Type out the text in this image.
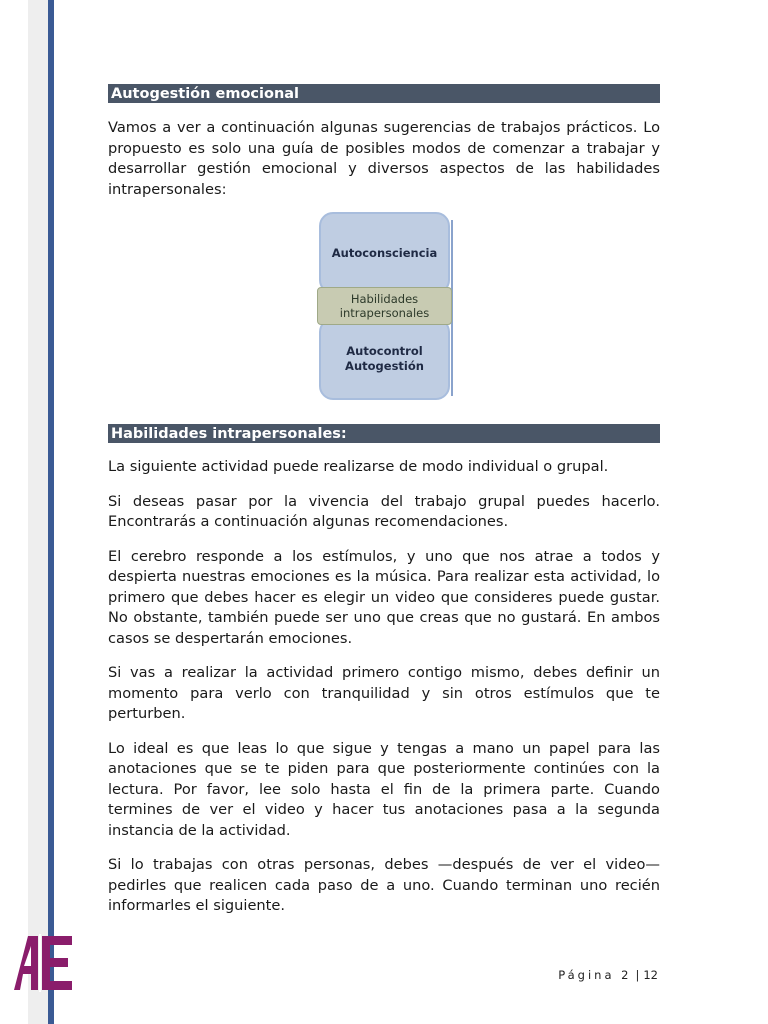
Autogestión emocional

Vamos a ver a continuación algunas sugerencias de trabajos prácticos. Lo propuesto es solo una guía de posibles modos de comenzar a trabajar y desarrollar gestión emocional y diversos aspectos de las habilidades intrapersonales:

Autoconsciencia
Autocontrol
Autogestión
Habilidades
intrapersonales
Habilidades intrapersonales:

La siguiente actividad puede realizarse de modo individual o grupal.

Si deseas pasar por la vivencia del trabajo grupal puedes hacerlo. Encontrarás a continuación algunas recomendaciones.

El cerebro responde a los estímulos, y uno que nos atrae a todos y despierta nuestras emociones es la música. Para realizar esta actividad, lo primero que debes hacer es elegir un video que consideres puede gustar. No obstante, también puede ser uno que creas que no gustará. En ambos casos se despertarán emociones.

Si vas a realizar la actividad primero contigo mismo, debes definir un momento para verlo con tranquilidad y sin otros estímulos que te perturben.

Lo ideal es que leas lo que sigue y tengas a mano un papel para las anotaciones que se te piden para que posteriormente continúes con la lectura. Por favor, lee solo hasta el fin de la primera parte. Cuando termines de ver el video y hacer tus anotaciones pasa a la segunda instancia de la actividad.

Si lo trabajas con otras personas, debes —después de ver el video— pedirles que realicen cada paso de a uno. Cuando terminan uno recién informarles el siguiente.

Página 2 | 12
